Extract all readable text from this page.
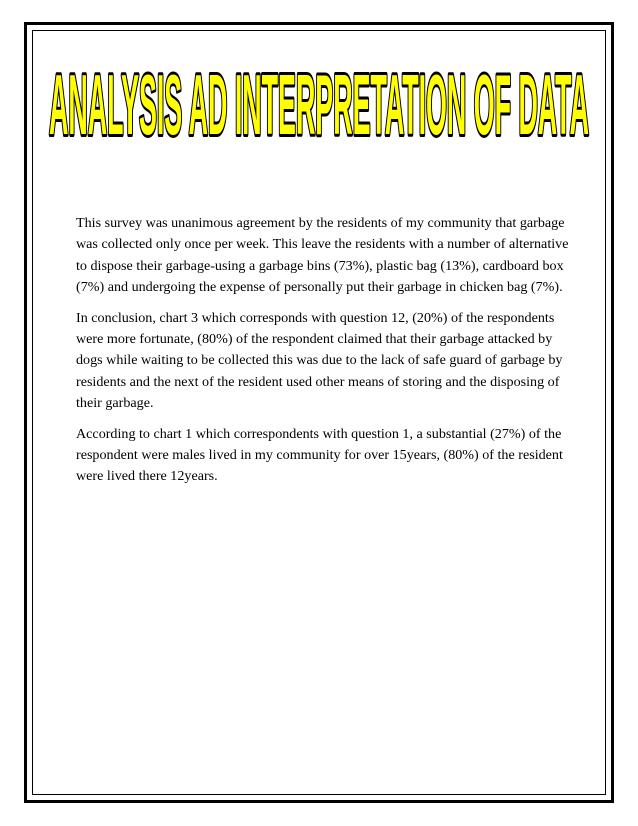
ANALYSIS AD INTERPRETATION OF DATA

This survey was unanimous agreement by the residents of my community that garbage was collected only once per week. This leave the residents with a number of alternative to dispose their garbage-using a garbage bins (73%), plastic bag (13%), cardboard box (7%) and undergoing the expense of personally put their garbage in chicken bag (7%).

In conclusion, chart 3 which corresponds with question 12, (20%) of the respondents were more fortunate, (80%) of the respondent claimed that their garbage attacked by dogs while waiting to be collected this was due to the lack of safe guard of garbage by residents and the next of the resident used other means of storing and the disposing of their garbage.

According to chart 1 which correspondents with question 1, a substantial (27%) of the respondent were males lived in my community for over 15years, (80%) of the resident were lived there 12years.
